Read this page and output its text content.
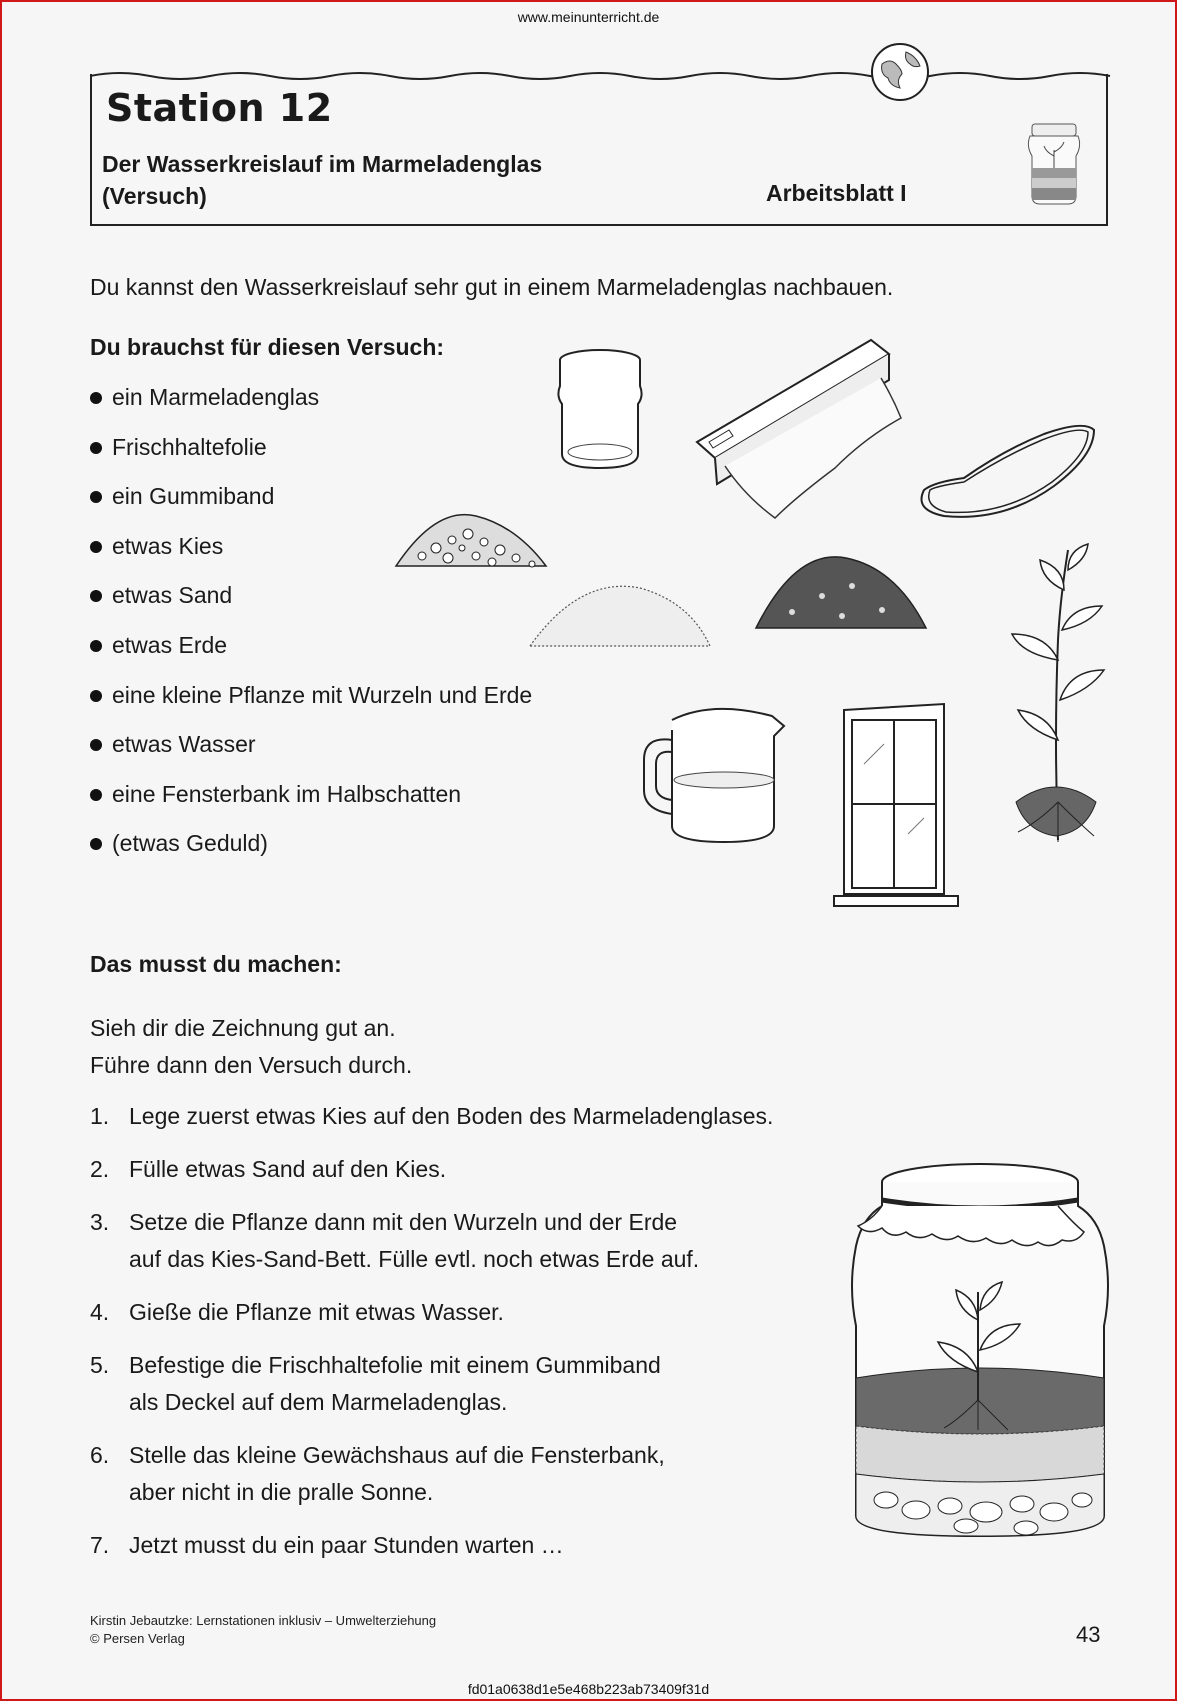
www.meinunterricht.de
Station 12
Der Wasserkreislauf im Marmeladenglas
(Versuch)	Arbeitsblatt I
Du kannst den Wasserkreislauf sehr gut in einem Marmeladenglas nachbauen.
Du brauchst für diesen Versuch:
ein Marmeladenglas
Frischhaltefolie
ein Gummiband
etwas Kies
etwas Sand
etwas Erde
eine kleine Pflanze mit Wurzeln und Erde
etwas Wasser
eine Fensterbank im Halbschatten
(etwas Geduld)
Das musst du machen:
Sieh dir die Zeichnung gut an.
Führe dann den Versuch durch.
1. Lege zuerst etwas Kies auf den Boden des Marmeladenglases.
2. Fülle etwas Sand auf den Kies.
3. Setze die Pflanze dann mit den Wurzeln und der Erde
auf das Kies-Sand-Bett. Fülle evtl. noch etwas Erde auf.
4. Gieße die Pflanze mit etwas Wasser.
5. Befestige die Frischhaltefolie mit einem Gummiband
als Deckel auf dem Marmeladenglas.
6. Stelle das kleine Gewächshaus auf die Fensterbank,
aber nicht in die pralle Sonne.
7. Jetzt musst du ein paar Stunden warten …
Kirstin Jebautzke: Lernstationen inklusiv – Umwelterziehung
© Persen Verlag	43
fd01a0638d1e5e468b223ab73409f31d
